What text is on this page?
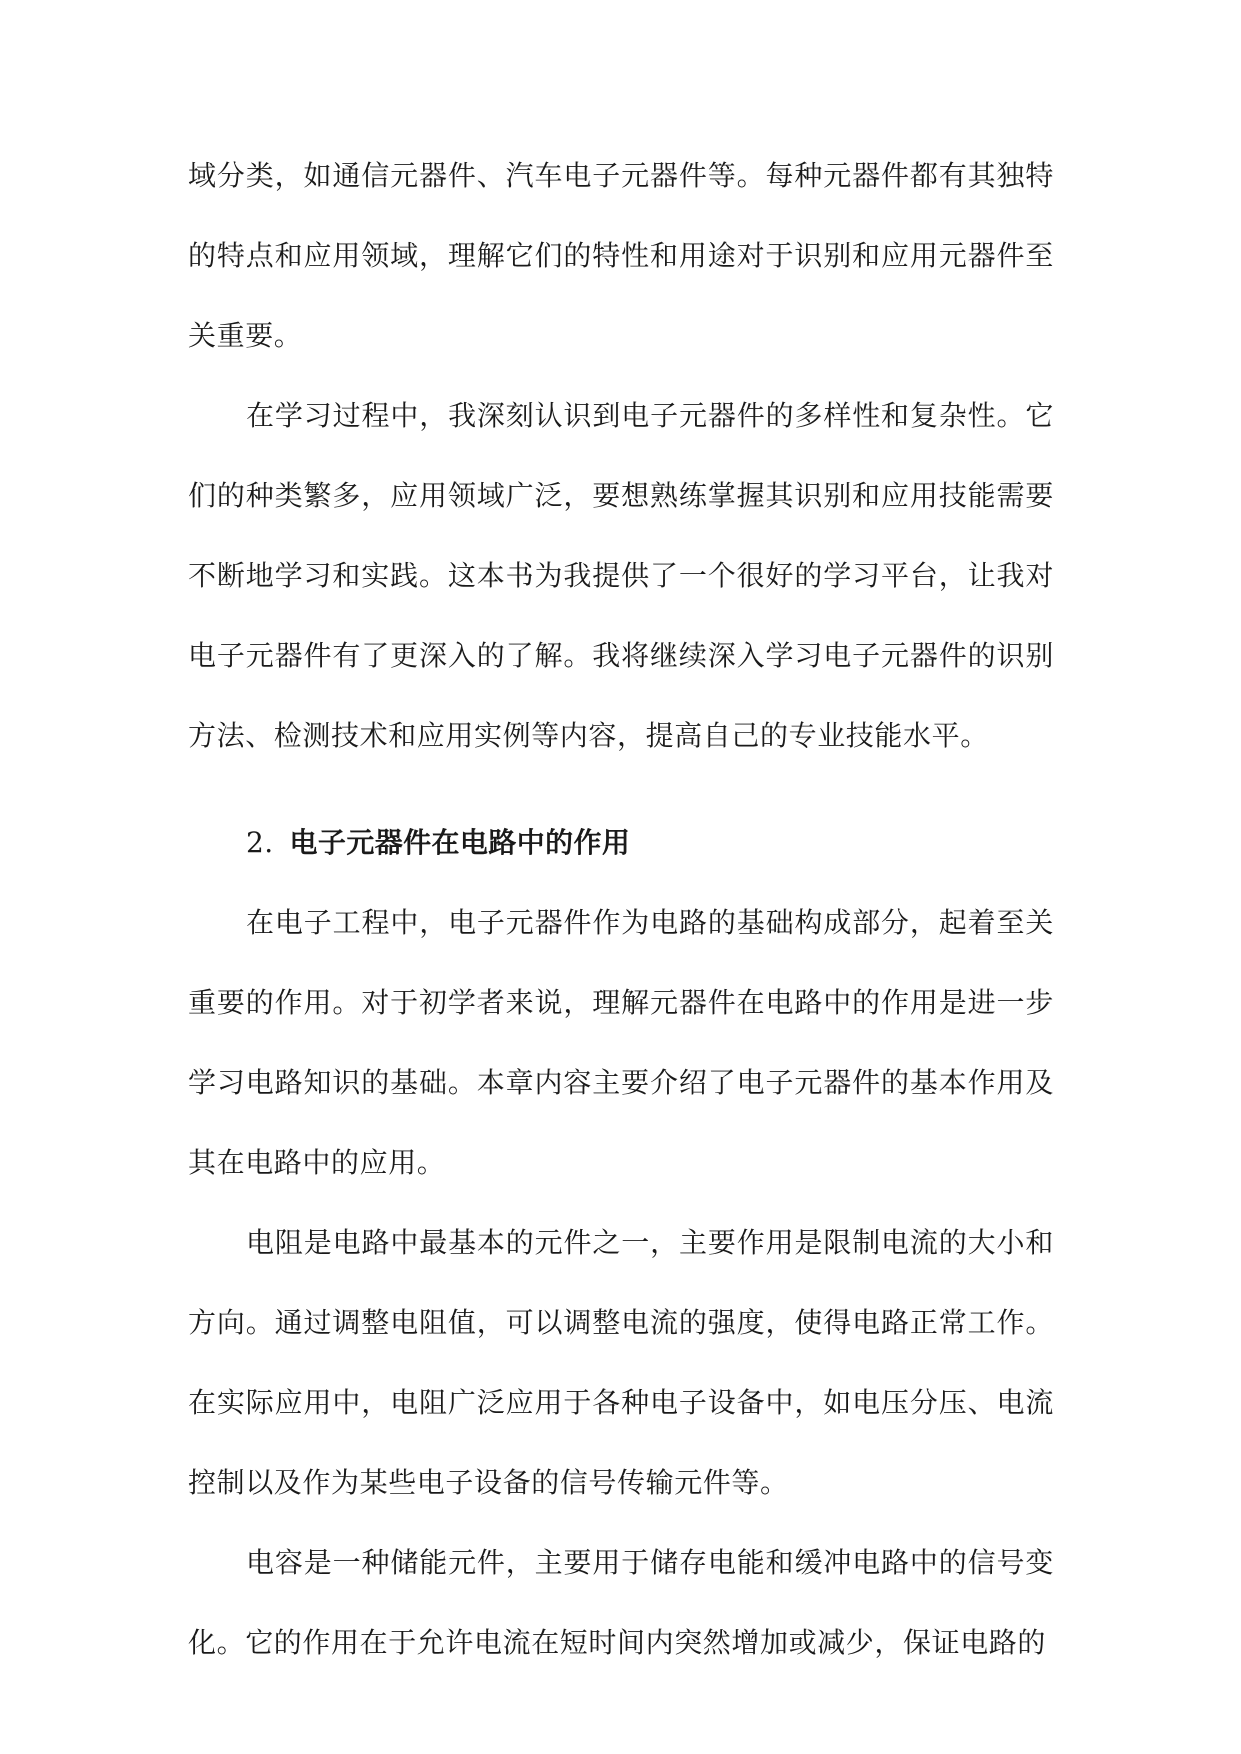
域分类，如通信元器件、汽车电子元器件等。每种元器件都有其独特的特点和应用领域，理解它们的特性和用途对于识别和应用元器件至关重要。

在学习过程中，我深刻认识到电子元器件的多样性和复杂性。它们的种类繁多，应用领域广泛，要想熟练掌握其识别和应用技能需要不断地学习和实践。这本书为我提供了一个很好的学习平台，让我对电子元器件有了更深入的了解。我将继续深入学习电子元器件的识别方法、检测技术和应用实例等内容，提高自己的专业技能水平。

2. 电子元器件在电路中的作用

在电子工程中，电子元器件作为电路的基础构成部分，起着至关重要的作用。对于初学者来说，理解元器件在电路中的作用是进一步学习电路知识的基础。本章内容主要介绍了电子元器件的基本作用及其在电路中的应用。

电阻是电路中最基本的元件之一，主要作用是限制电流的大小和方向。通过调整电阻值，可以调整电流的强度，使得电路正常工作。在实际应用中，电阻广泛应用于各种电子设备中，如电压分压、电流控制以及作为某些电子设备的信号传输元件等。

电容是一种储能元件，主要用于储存电能和缓冲电路中的信号变化。它的作用在于允许电流在短时间内突然增加或减少，保证电路的
